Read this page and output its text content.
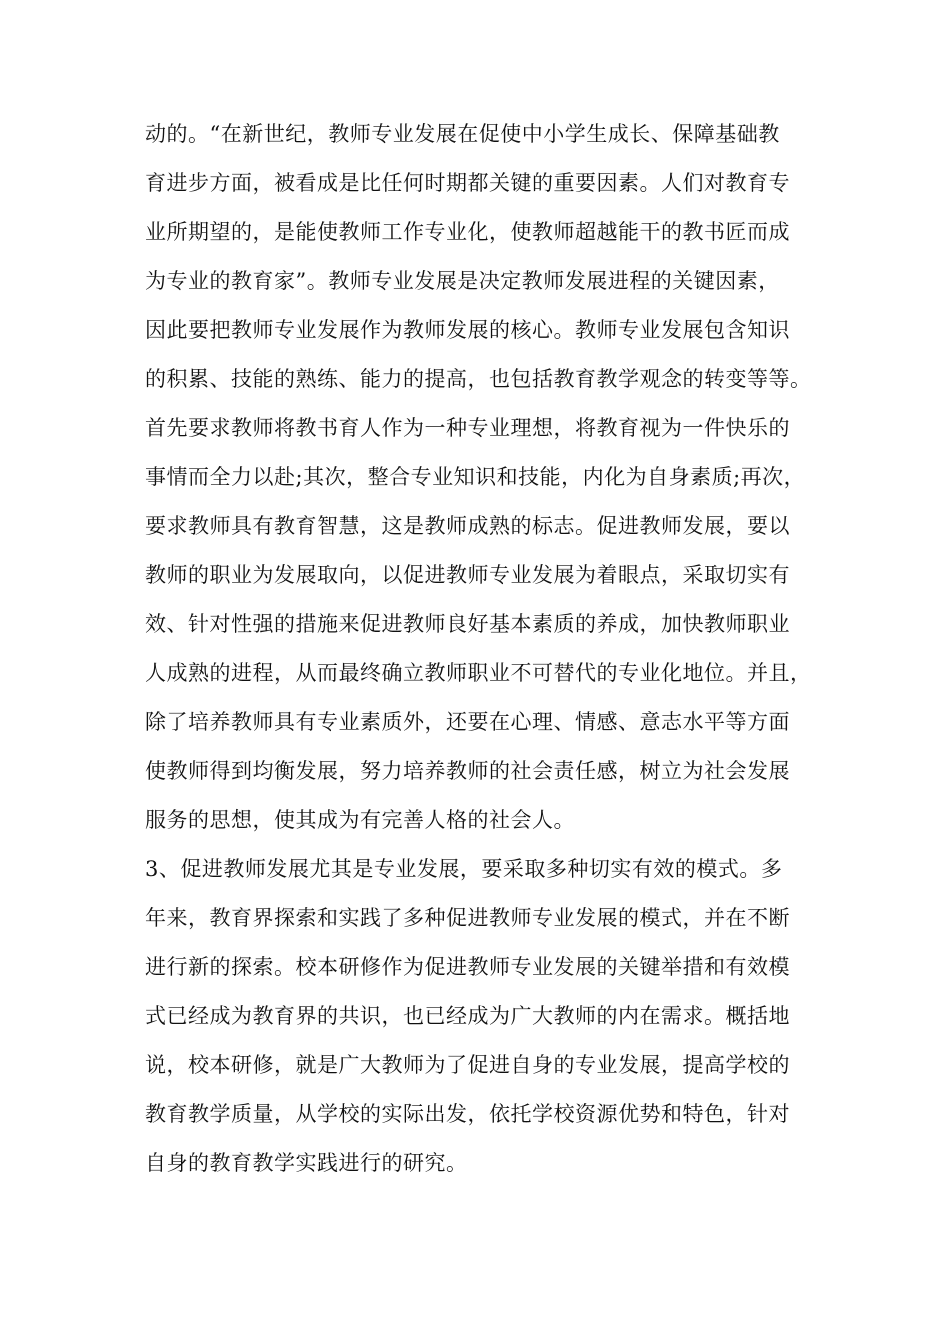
动的。“在新世纪，教师专业发展在促使中小学生成长、保障基础教
育进步方面，被看成是比任何时期都关键的重要因素。人们对教育专
业所期望的，是能使教师工作专业化，使教师超越能干的教书匠而成
为专业的教育家”。教师专业发展是决定教师发展进程的关键因素，
因此要把教师专业发展作为教师发展的核心。教师专业发展包含知识
的积累、技能的熟练、能力的提高，也包括教育教学观念的转变等等。
首先要求教师将教书育人作为一种专业理想，将教育视为一件快乐的
事情而全力以赴;其次，整合专业知识和技能，内化为自身素质;再次，
要求教师具有教育智慧，这是教师成熟的标志。促进教师发展，要以
教师的职业为发展取向，以促进教师专业发展为着眼点，采取切实有
效、针对性强的措施来促进教师良好基本素质的养成，加快教师职业
人成熟的进程，从而最终确立教师职业不可替代的专业化地位。并且，
除了培养教师具有专业素质外，还要在心理、情感、意志水平等方面
使教师得到均衡发展，努力培养教师的社会责任感，树立为社会发展
服务的思想，使其成为有完善人格的社会人。
3、促进教师发展尤其是专业发展，要采取多种切实有效的模式。多
年来，教育界探索和实践了多种促进教师专业发展的模式，并在不断
进行新的探索。校本研修作为促进教师专业发展的关键举措和有效模
式已经成为教育界的共识，也已经成为广大教师的内在需求。概括地
说，校本研修，就是广大教师为了促进自身的专业发展，提高学校的
教育教学质量，从学校的实际出发，依托学校资源优势和特色，针对
自身的教育教学实践进行的研究。
